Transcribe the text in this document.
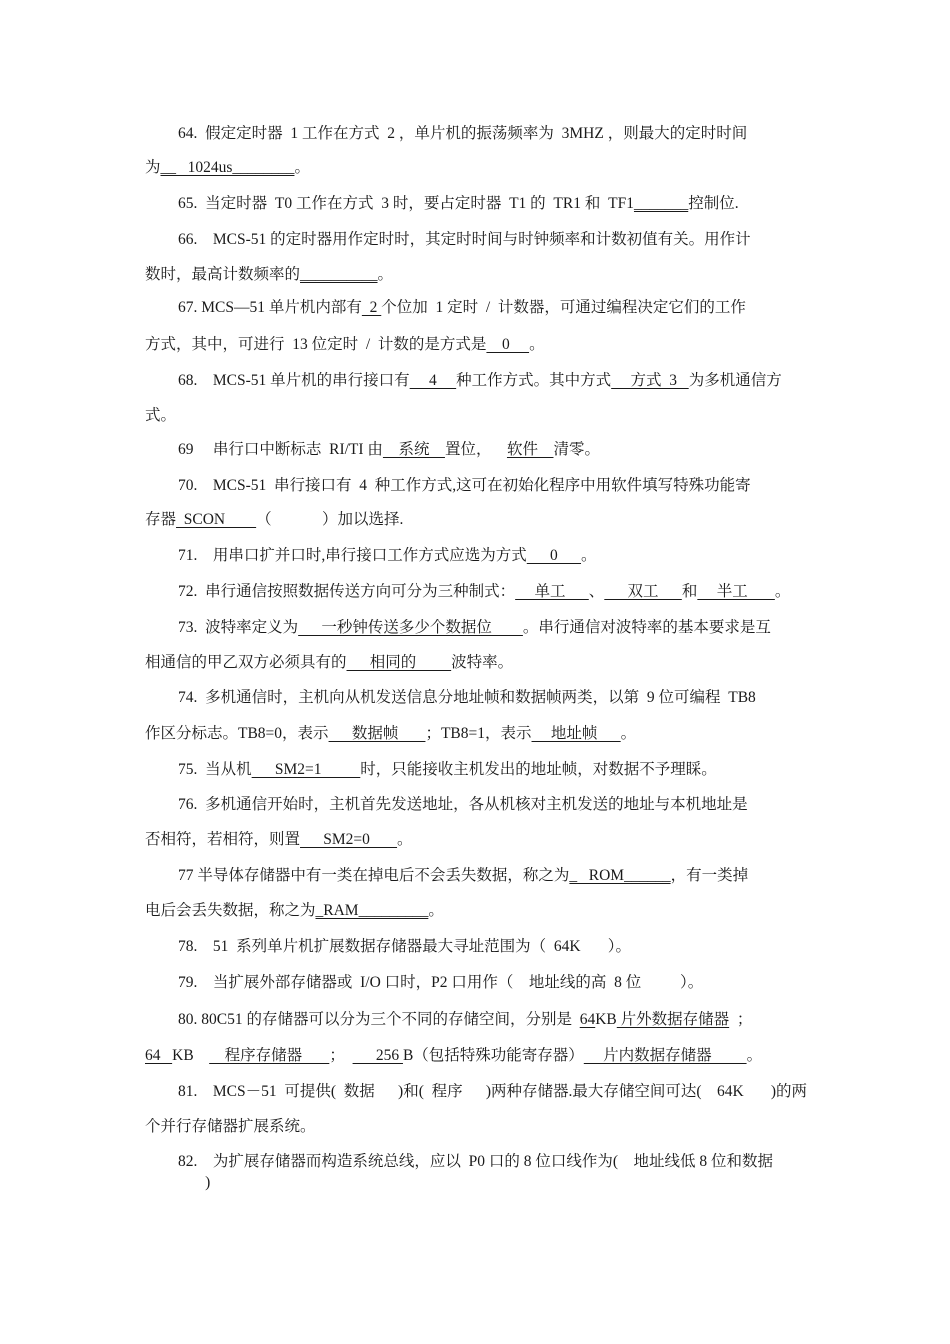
64.  假定定时器  1 工作在方式  2 ，单片机的振荡频率为  3MHZ ，则最大的定时时间
为__   1024us________。
65.  当定时器  T0 工作在方式  3 时，要占定时器  T1 的  TR1 和  TF1_______控制位.
66.    MCS-51 的定时器用作定时时，其定时时间与时钟频率和计数初值有关。用作计
数时，最高计数频率的__________。
67. MCS—51 单片机内部有  2 个位加  1 定时  /  计数器，可通过编程决定它们的工作
方式，其中，可进行  13 位定时  /  计数的是方式是    0     。
68.    MCS-51 单片机的串行接口有     4     种工作方式。其中方式     方式  3   为多机通信方
式。
69     串行口中断标志  RI/TI 由    系统    置位，    软件    清零。
70.    MCS-51  串行接口有  4  种工作方式,这可在初始化程序中用软件填写特殊功能寄
存器  SCON        （             ）加以选择.
71.    用串口扩并口时,串行接口工作方式应选为方式      0      。
72.  串行通信按照数据传送方向可分为三种制式：     单工      、      双工      和     半工       。
73.  波特率定义为      一秒钟传送多少个数据位        。串行通信对波特率的基本要求是互
相通信的甲乙双方必须具有的      相同的         波特率。
74.  多机通信时，主机向从机发送信息分地址帧和数据帧两类，以第  9 位可编程  TB8
作区分标志。TB8=0，表示      数据帧       ；TB8=1，表示     地址帧      。
75.  当从机      SM2=1          时，只能接收主机发出的地址帧，对数据不予理睬。
76.  多机通信开始时，主机首先发送地址，各从机核对主机发送的地址与本机地址是
否相符，若相符，则置      SM2=0       。
77 半导体存储器中有一类在掉电后不会丢失数据，称之为_   ROM______，有一类掉
电后会丢失数据，称之为_RAM_________。
78.    51  系列单片机扩展数据存储器最大寻址范围为（  64K       ）。
79.    当扩展外部存储器或  I/O 口时，P2 口用作（    地址线的高  8 位          ）。
80. 80C51 的存储器可以分为三个不同的存储空间，分别是  64KB 片外数据存储器  ；
64   KB        程序存储器       ；        256 B（包括特殊功能寄存器）     片内数据存储器         。
81.    MCS－51  可提供(  数据      )和(  程序      )两种存储器.最大存储空间可达(    64K       )的两
个并行存储器扩展系统。
82.    为扩展存储器而构造系统总线，应以  P0 口的 8 位口线作为(    地址线低 8 位和数据
)
